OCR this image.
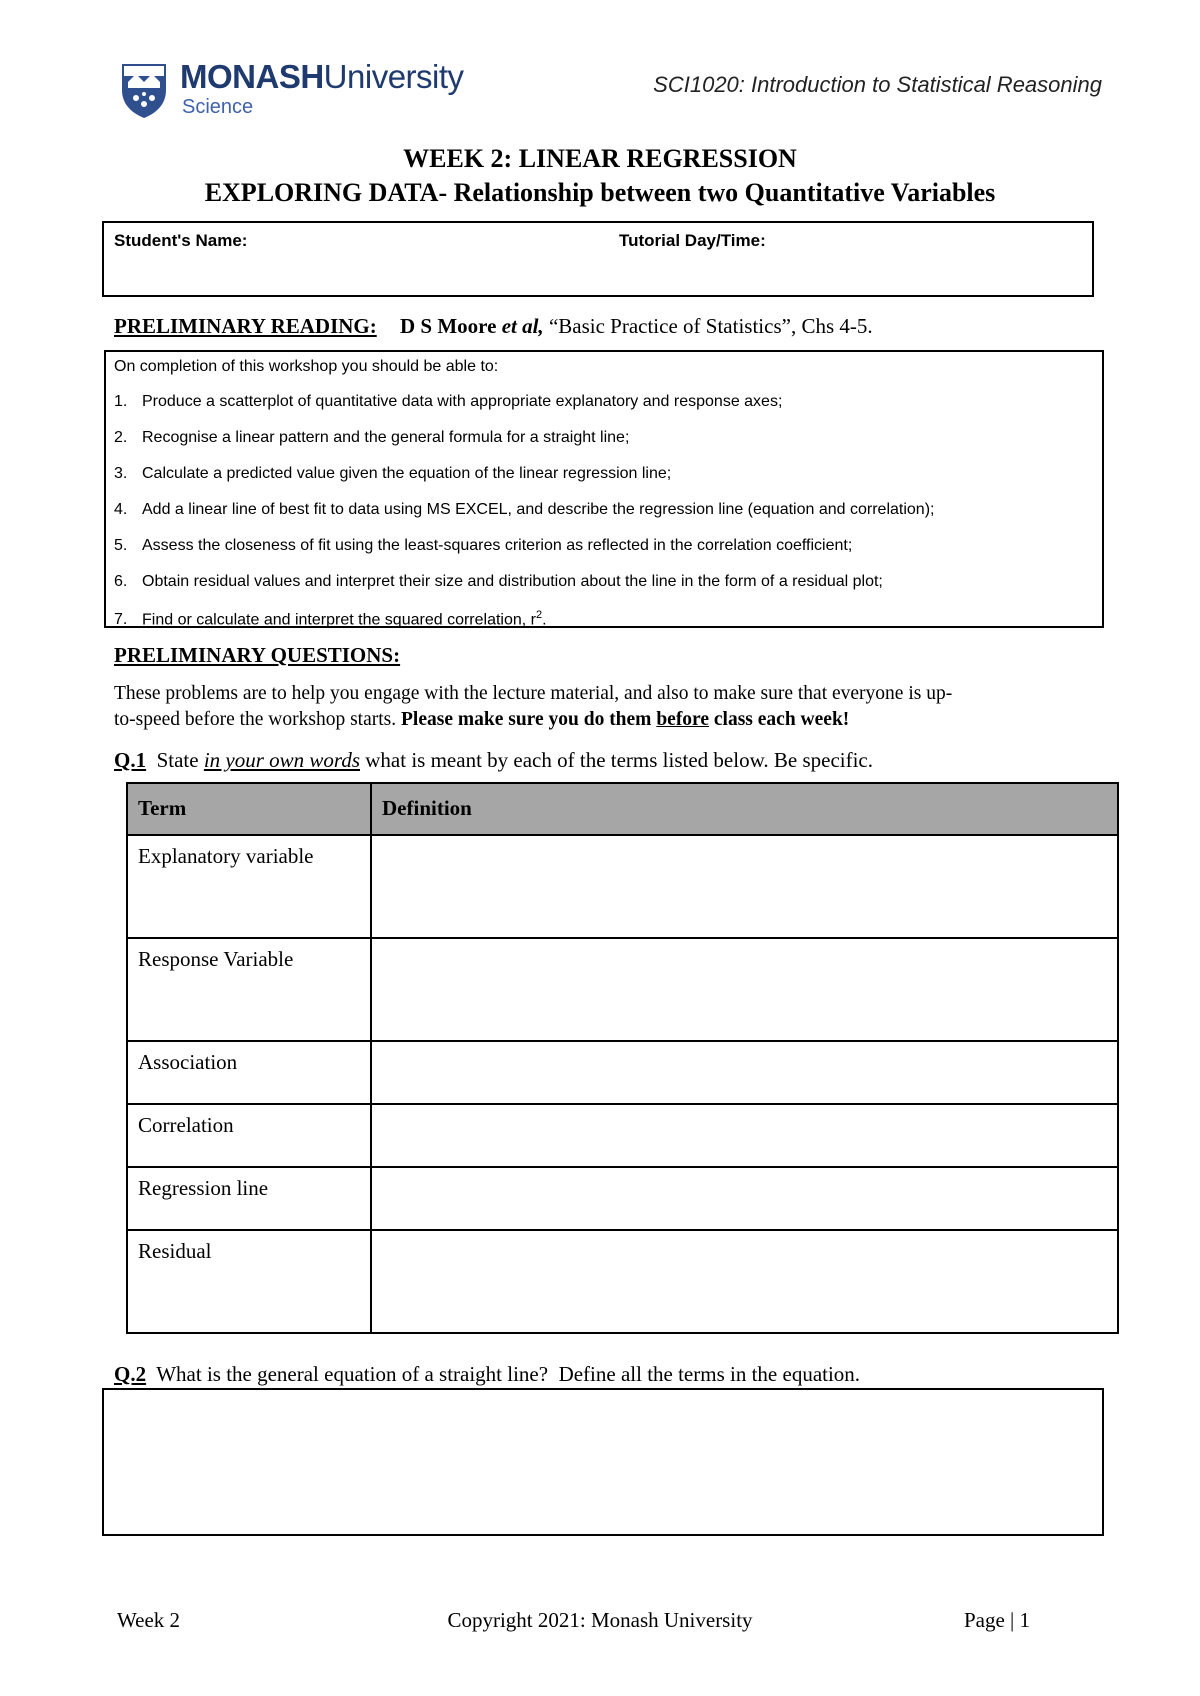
MONASHUniversity
Science
SCI1020: Introduction to Statistical Reasoning
WEEK 2: LINEAR REGRESSION
EXPLORING DATA- Relationship between two Quantitative Variables
Student's Name:	Tutorial Day/Time:
PRELIMINARY READING: D S Moore et al, “Basic Practice of Statistics”, Chs 4-5.
On completion of this workshop you should be able to:
1. Produce a scatterplot of quantitative data with appropriate explanatory and response axes;
2. Recognise a linear pattern and the general formula for a straight line;
3. Calculate a predicted value given the equation of the linear regression line;
4. Add a linear line of best fit to data using MS EXCEL, and describe the regression line (equation and correlation);
5. Assess the closeness of fit using the least-squares criterion as reflected in the correlation coefficient;
6. Obtain residual values and interpret their size and distribution about the line in the form of a residual plot;
7. Find or calculate and interpret the squared correlation, $r^2$.
PRELIMINARY QUESTIONS:
These problems are to help you engage with the lecture material, and also to make sure that everyone is up-
to-speed before the workshop starts. Please make sure you do them before class each week!
Q.1  State in your own words what is meant by each of the terms listed below. Be specific.
Term	Definition
Explanatory variable	
Response Variable	
Association	
Correlation	
Regression line	
Residual	
Q.2  What is the general equation of a straight line?  Define all the terms in the equation.
Week 2	Copyright 2021: Monash University	Page | 1
